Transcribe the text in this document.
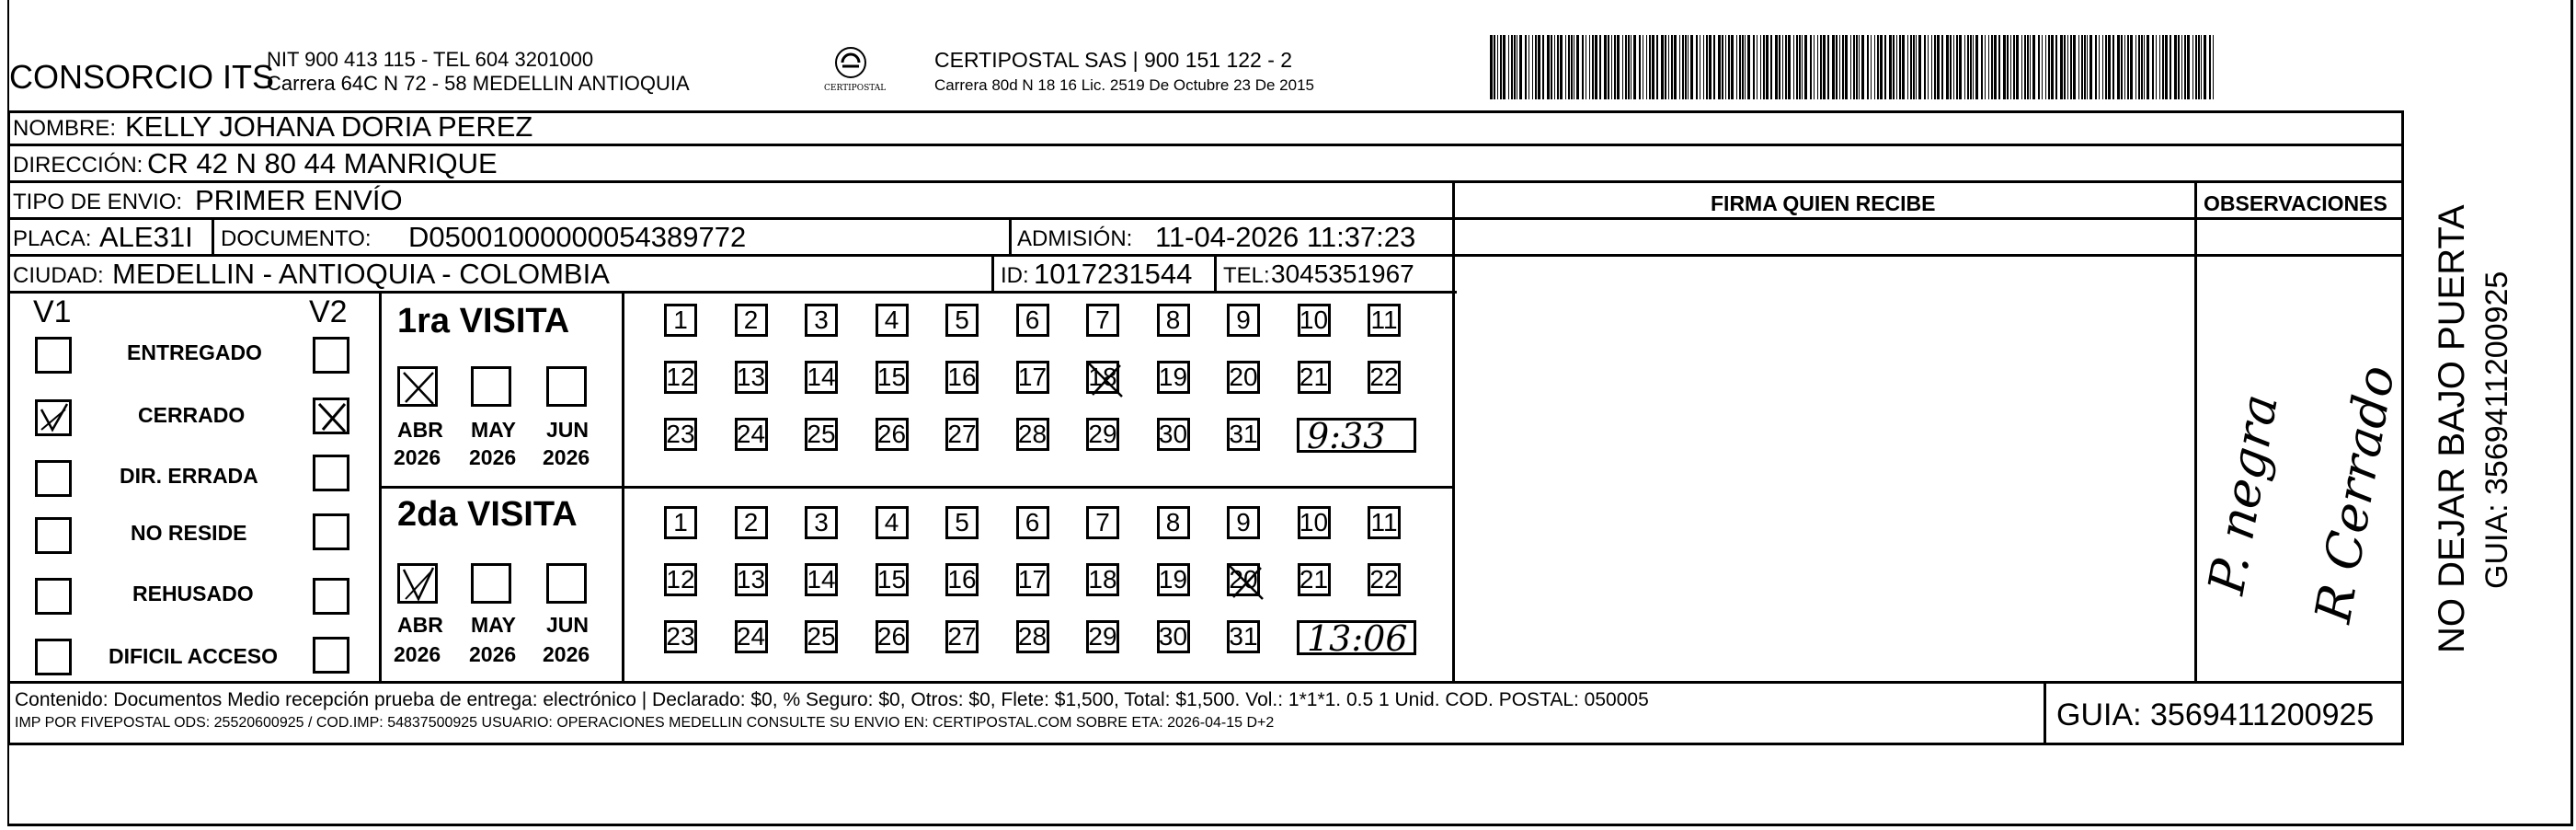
CONSORCIO ITS
NIT 900 413 115 - TEL 604 3201000
Carrera 64C N 72 - 58 MEDELLIN ANTIOQUIA	CERTIPOSTAL
CERTIPOSTAL SAS | 900 151 122 - 2
Carrera 80d N 18 16 Lic. 2519 De Octubre 23 De 2015
NOMBRE: KELLY JOHANA DORIA PEREZ
DIRECCIÓN: CR 42 N 80 44 MANRIQUE
TIPO DE ENVIO: PRIMER ENVÍO
PLACA: ALE31I DOCUMENTO: D05001000000054389772	ADMISIÓN: 11-04-2026 11:37:23
CIUDAD: MEDELLIN - ANTIOQUIA - COLOMBIA	ID: 1017231544 TEL: 3045351967
FIRMA QUIEN RECIBE	OBSERVACIONES
V1	V2
ENTREGADO
CERRADO
DIR. ERRADA
NO RESIDE
REHUSADO
DIFICIL ACCESO
1ra VISITA
ABR
2026
MAY
2026
JUN
2026
1	2	3	4	5	6	7	8	9	10 11
12 13 14 15 16 17 18 19 20 21 22
23 24 25 26 27 28 29 30 31 9:33
2da VISITA
ABR
2026
MAY
2026
JUN
2026
1	2	3	4	5	6	7	8	9	10 11
12 13 14 15 16 17 18 19 20 21 22
23 24 25 26 27 28 29 30 31 13:06
P. negra R Cerrado NO DEJAR BAJO PUERTA GUIA: 3569411200925
Contenido: Documentos Medio recepción prueba de entrega: electrónico | Declarado: $0, % Seguro: $0, Otros: $0, Flete: $1,500, Total: $1,500. Vol.: 1*1*1. 0.5 1 Unid. COD. POSTAL: 050005
IMP POR FIVEPOSTAL ODS: 25520600925 / COD.IMP: 54837500925 USUARIO: OPERACIONES MEDELLIN CONSULTE SU ENVIO EN: CERTIPOSTAL.COM SOBRE ETA: 2026-04-15 D+2	GUIA: 3569411200925
